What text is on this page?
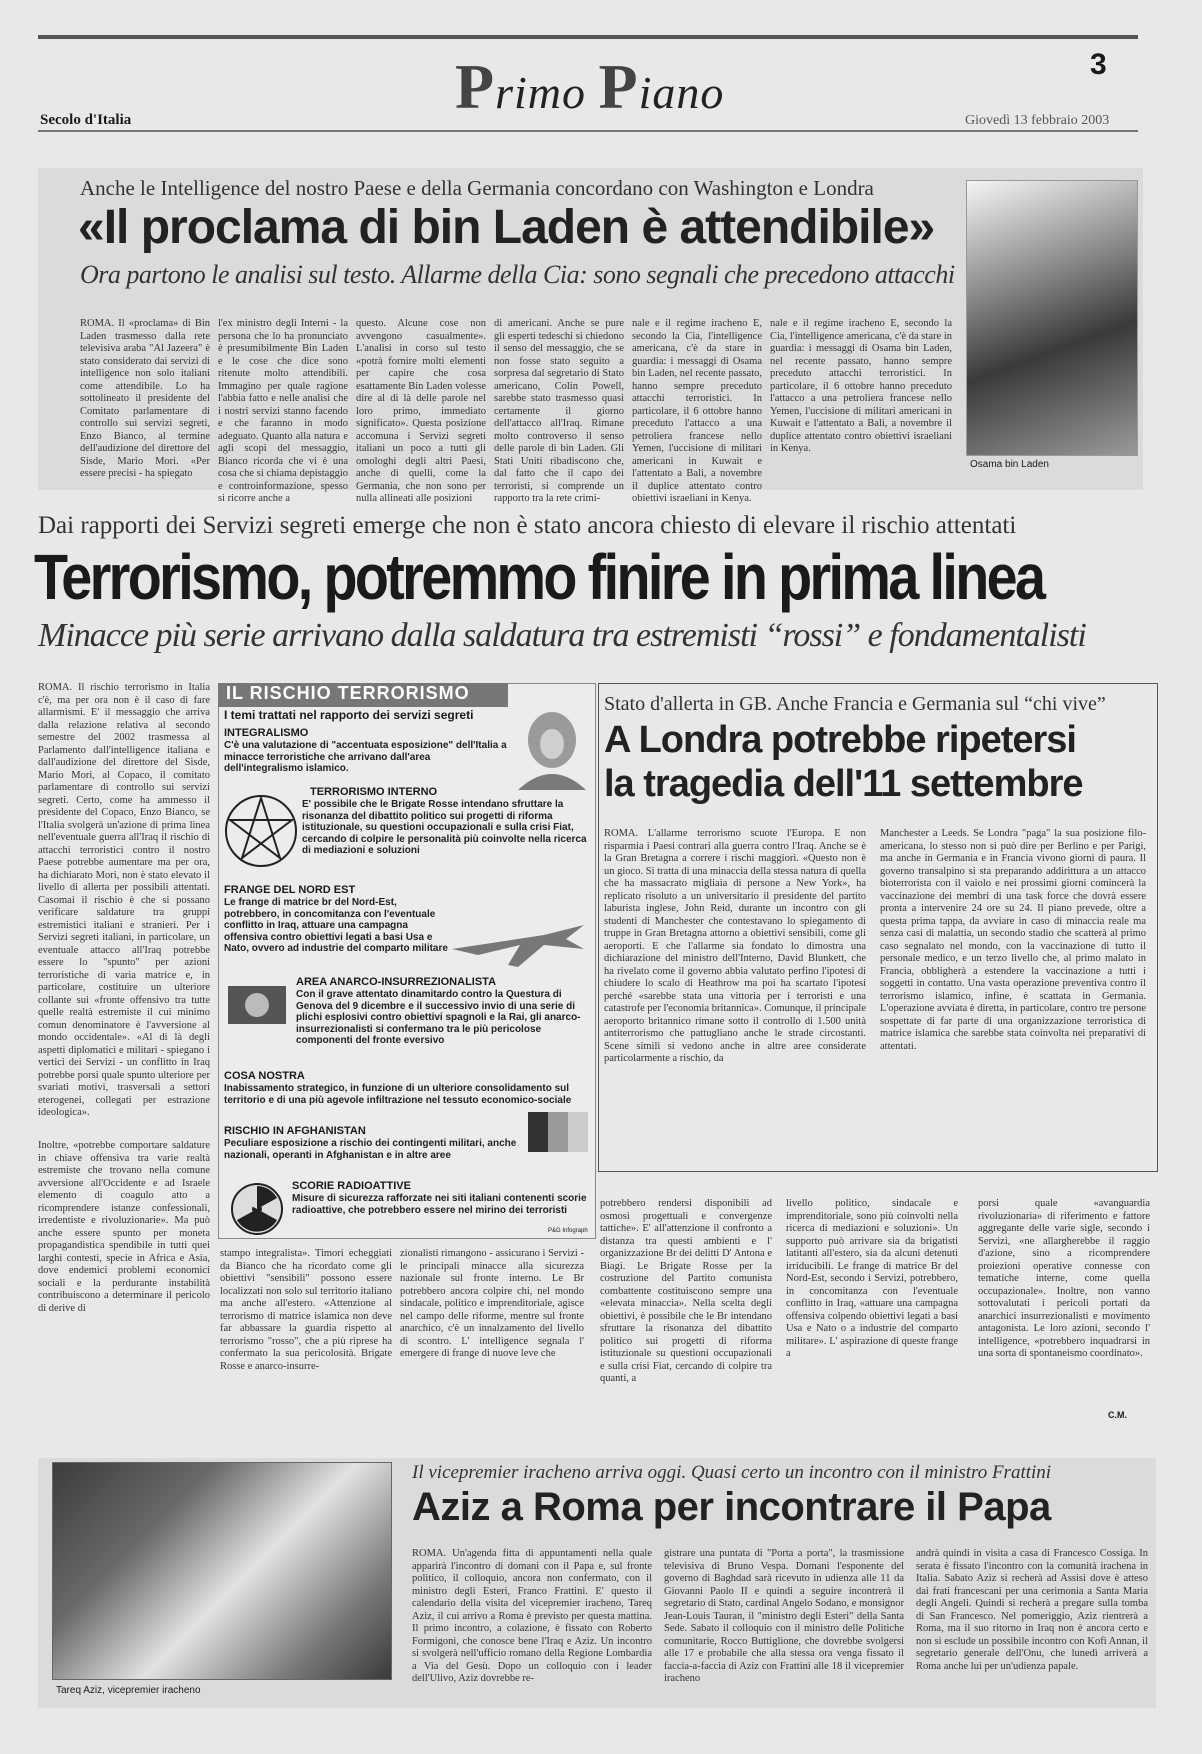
Primo Piano
3
Secolo d'Italia	Giovedì 13 febbraio 2003
Anche le Intelligence del nostro Paese e della Germania concordano con Washington e Londra
«Il proclama di bin Laden è attendibile»
Ora partono le analisi sul testo. Allarme della Cia: sono segnali che precedono attacchi
ROMA. Il «proclama» di Bin Laden trasmesso dalla rete televisiva araba "Al Jazeera" è stato considerato dai servizi di intelligence non solo italiani come attendibile. Lo ha sottolineato il presidente del Comitato parlamentare di controllo sui servizi segreti, Enzo Bianco, al termine dell'audizione del direttore del Sisde, Mario Mori. «Per essere precisi - ha spiegato
l'ex ministro degli Interni - la persona che lo ha pronunciato è presumibilmente Bin Laden e le cose che dice sono ritenute molto attendibili. Immagino per quale ragione l'abbia fatto e nelle analisi che i nostri servizi stanno facendo e che faranno in modo adeguato. Quanto alla natura e agli scopi del messaggio, Bianco ricorda che vi è una cosa che si chiama depistaggio e controinformazione, spesso si ricorre anche a
questo. Alcune cose non avvengono casualmente». L'analisi in corso sul testo «potrà fornire molti elementi per capire che cosa esattamente Bin Laden volesse dire al di là delle parole nel loro primo, immediato significato». Questa posizione accomuna i Servizi segreti italiani un poco a tutti gli omologhi degli altri Paesi, anche di quelli, come la Germania, che non sono per nulla allineati alle posizioni
di americani. Anche se pure gli esperti tedeschi si chiedono il senso del messaggio, che se non fosse stato seguito a sorpresa dal segretario di Stato americano, Colin Powell, sarebbe stato trasmesso quasi certamente il giorno dell'attacco all'Iraq. Rimane molto controverso il senso delle parole di bin Laden. Gli Stati Uniti ribadiscono che, dal fatto che il capo dei terroristi, si comprende un rapporto tra la rete crimi-
nale e il regime iracheno E, secondo la Cia, l'intelligence americana, c'è da stare in guardia: i messaggi di Osama bin Laden, nel recente passato, hanno sempre preceduto attacchi terroristici. In particolare, il 6 ottobre hanno preceduto l'attacco a una petroliera francese nello Yemen, l'uccisione di militari americani in Kuwait e l'attentato a Bali, a novembre il duplice attentato contro obiettivi israeliani in Kenya.
nale e il regime iracheno E, secondo la Cia, l'intelligence americana, c'è da stare in guardia: i messaggi di Osama bin Laden, nel recente passato, hanno sempre preceduto attacchi terroristici. In particolare, il 6 ottobre hanno preceduto l'attacco a una petroliera francese nello Yemen, l'uccisione di militari americani in Kuwait e l'attentato a Bali, a novembre il duplice attentato contro obiettivi israeliani in Kenya.
Osama bin Laden
Dai rapporti dei Servizi segreti emerge che non è stato ancora chiesto di elevare il rischio attentati
Terrorismo, potremmo finire in prima linea
Minacce più serie arrivano dalla saldatura tra estremisti “rossi” e fondamentalisti
ROMA. Il rischio terrorismo in Italia c'è, ma per ora non è il caso di fare allarmismi. E' il messaggio che arriva dalla relazione relativa al secondo semestre del 2002 trasmessa al Parlamento dall'intelligence italiana e dall'audizione del direttore del Sisde, Mario Mori, al Copaco, il comitato parlamentare di controllo sui servizi segreti. Certo, come ha ammesso il presidente del Copaco, Enzo Bianco, se l'Italia svolgerà un'azione di prima linea nell'eventuale guerra all'Iraq il rischio di attacchi terroristici contro il nostro Paese potrebbe aumentare ma per ora, ha dichiarato Mori, non è stato elevato il livello di allerta per possibili attentati. Casomai il rischio è che si possano verificare saldature tra gruppi estremistici italiani e stranieri. Per i Servizi segreti italiani, in particolare, un eventuale attacco all'Iraq potrebbe essere lo "spunto" per azioni terroristiche di varia matrice e, in particolare, costituire un ulteriore collante sui «fronte offensivo tra tutte quelle realtà estremiste il cui minimo comun denominatore è l'avversione al mondo occidentale». «Al di là degli aspetti diplomatici e militari - spiegano i vertici dei Servizi - un conflitto in Iraq potrebbe porsi quale spunto ulteriore per svariati motivi, trasversali a settori eterogenei, collegati per estrazione ideologica».
Inoltre, «potrebbe comportare saldature in chiave offensiva tra varie realtà estremiste che trovano nella comune avversione all'Occidente e ad Israele elemento di coagulo atto a ricomprendere istanze confessionali, irredentiste e rivoluzionarie». Ma può anche essere spunto per moneta propagandistica spendibile in tutti quei larghi contesti, specie in Africa e Asia, dove endemici problemi economici sociali e la perdurante instabilità contribuiscono a determinare il pericolo di derive di
IL RISCHIO TERRORISMO
I temi trattati nel rapporto dei servizi segreti
INTEGRALISMO
C'è una valutazione di "accentuata esposizione" dell'Italia a minacce terroristiche che arrivano dall'area dell'integralismo islamico.
TERRORISMO INTERNO
E' possibile che le Brigate Rosse intendano sfruttare la risonanza del dibattito politico sui progetti di riforma istituzionale, su questioni occupazionali e sulla crisi Fiat, cercando di colpire le personalità più coinvolte nella ricerca di mediazioni e soluzioni
FRANGE DEL NORD EST
Le frange di matrice br del Nord-Est, potrebbero, in concomitanza con l'eventuale conflitto in Iraq, attuare una campagna offensiva contro obiettivi legati a basi Usa e Nato, ovvero ad industrie del comparto militare
AREA ANARCO-INSURREZIONALISTA
Con il grave attentato dinamitardo contro la Questura di Genova del 9 dicembre e il successivo invio di una serie di plichi esplosivi contro obiettivi spagnoli e la Rai, gli anarco-insurrezionalisti si confermano tra le più pericolose componenti del fronte eversivo
COSA NOSTRA
Inabissamento strategico, in funzione di un ulteriore consolidamento sul territorio e di una più agevole infiltrazione nel tessuto economico-sociale
RISCHIO IN AFGHANISTAN
Peculiare esposizione a rischio dei contingenti militari, anche nazionali, operanti in Afghanistan e in altre aree
SCORIE RADIOATTIVE
Misure di sicurezza rafforzate nei siti italiani contenenti scorie radioattive, che potrebbero essere nel mirino dei terroristi
P&G Infograph
Stato d'allerta in GB. Anche Francia e Germania sul “chi vive”
A Londra potrebbe ripetersi
la tragedia dell'11 settembre
ROMA. L'allarme terrorismo scuote l'Europa. E non risparmia i Paesi contrari alla guerra contro l'Iraq. Anche se è la Gran Bretagna a correre i rischi maggiori. «Questo non è un gioco. Si tratta di una minaccia della stessa natura di quella che ha massacrato migliaia di persone a New York», ha replicato risoluto a un universitario il presidente del partito laburista inglese, John Reid, durante un incontro con gli studenti di Manchester che contestavano lo spiegamento di truppe in Gran Bretagna attorno a obiettivi sensibili, come gli aeroporti. E che l'allarme sia fondato lo dimostra una dichiarazione del ministro dell'Interno, David Blunkett, che ha rivelato come il governo abbia valutato perfino l'ipotesi di chiudere lo scalo di Heathrow ma poi ha scartato l'ipotesi perché «sarebbe stata una vittoria per i terroristi e una catastrofe per l'economia britannica». Comunque, il principale aeroporto britannico rimane sotto il controllo di 1.500 unità antiterrorismo che pattugliano anche le strade circostanti. Scene simili si vedono anche in altre aree considerate particolarmente a rischio, da
Manchester a Leeds. Se Londra "paga" la sua posizione filo-americana, lo stesso non si può dire per Berlino e per Parigi, ma anche in Germania e in Francia vivono giorni di paura. Il governo transalpino si sta preparando addirittura a un attacco bioterrorista con il vaiolo e nei prossimi giorni comincerà la vaccinazione dei membri di una task force che dovrà essere pronta a intervenire 24 ore su 24. Il piano prevede, oltre a questa prima tappa, da avviare in caso di minaccia reale ma senza casi di malattia, un secondo stadio che scatterà al primo caso segnalato nel mondo, con la vaccinazione di tutto il personale medico, e un terzo livello che, al primo malato in Francia, obbligherà a estendere la vaccinazione a tutti i soggetti in contatto. Una vasta operazione preventiva contro il terrorismo islamico, infine, è scattata in Germania. L'operazione avviata è diretta, in particolare, contro tre persone sospettate di far parte di una organizzazione terroristica di matrice islamica che sarebbe stata coinvolta nei preparativi di attentati.
stampo integralista». Timori echeggiati da Bianco che ha ricordato come gli obiettivi "sensibili" possono essere localizzati non solo sul territorio italiano ma anche all'estero. «Attenzione al terrorismo di matrice islamica non deve far abbassare la guardia rispetto al terrorismo "rosso", che a più riprese ha confermato la sua pericolosità. Brigate Rosse e anarco-insurre-
zionalisti rimangono - assicurano i Servizi - le principali minacce alla sicurezza nazionale sul fronte interno. Le Br potrebbero ancora colpire chi, nel mondo sindacale, politico e imprenditoriale, agisce nel campo delle riforme, mentre sul fronte anarchico, c'è un innalzamento del livello di scontro. L' intelligence segnala l' emergere di frange di nuove leve che
potrebbero rendersi disponibili ad osmosi progettuali e convergenze tattiche». E' all'attenzione il confronto a distanza tra questi ambienti e l' organizzazione Br dei delitti D' Antona e Biagi. Le Brigate Rosse per la costruzione del Partito comunista combattente costituiscono sempre una «elevata minaccia». Nella scelta degli obiettivi, è possibile che le Br intendano sfruttare la risonanza del dibattito politico sui progetti di riforma istituzionale su questioni occupazionali e sulla crisi Fiat, cercando di colpire tra quanti, a
livello politico, sindacale e imprenditoriale, sono più coinvolti nella ricerca di mediazioni e soluzioni». Un supporto può arrivare sia da brigatisti latitanti all'estero, sia da alcuni detenuti irriducibili. Le frange di matrice Br del Nord-Est, secondo i Servizi, potrebbero, in concomitanza con l'eventuale conflitto in Iraq, «attuare una campagna offensiva colpendo obiettivi legati a basi Usa e Nato o a industrie del comparto militare». L' aspirazione di queste frange a
porsi quale «avanguardia rivoluzionaria» di riferimento e fattore aggregante delle varie sigle, secondo i Servizi, «ne allargherebbe il raggio d'azione, sino a ricomprendere proiezioni operative connesse con tematiche interne, come quella occupazionale». Inoltre, non vanno sottovalutati i pericoli portati da anarchici insurrezionalisti e movimento antagonista. Le loro azioni, secondo l' intelligence, «potrebbero inquadrarsi in una sorta di spontaneismo coordinato».
C.M.
Tareq Aziz, vicepremier iracheno
Il vicepremier iracheno arriva oggi. Quasi certo un incontro con il ministro Frattini
Aziz a Roma per incontrare il Papa
ROMA. Un'agenda fitta di appuntamenti nella quale apparirà l'incontro di domani con il Papa e, sul fronte politico, il colloquio, ancora non confermato, con il ministro degli Esteri, Franco Frattini. E' questo il calendario della visita del vicepremier iracheno, Tareq Aziz, il cui arrivo a Roma è previsto per questa mattina. Il primo incontro, a colazione, è fissato con Roberto Formigoni, che conosce bene l'Iraq e Aziz. Un incontro si svolgerà nell'ufficio romano della Regione Lombardia a Via del Gesù. Dopo un colloquio con i leader dell'Ulivo, Aziz dovrebbe re-
gistrare una puntata di "Porta a porta", la trasmissione televisiva di Bruno Vespa. Domani l'esponente del governo di Baghdad sarà ricevuto in udienza alle 11 da Giovanni Paolo II e quindi a seguire incontrerà il segretario di Stato, cardinal Angelo Sodano, e monsignor Jean-Louis Tauran, il "ministro degli Esteri" della Santa Sede. Sabato il colloquio con il ministro delle Politiche comunitarie, Rocco Buttiglione, che dovrebbe svolgersi alle 17 e probabile che alla stessa ora venga fissato il faccia-a-faccia di Aziz con Frattini alle 18 il vicepremier iracheno
andrà quindi in visita a casa di Francesco Cossiga. In serata è fissato l'incontro con la comunità irachena in Italia. Sabato Aziz si recherà ad Assisi dove è atteso dai frati francescani per una cerimonia a Santa Maria degli Angeli. Quindi si recherà a pregare sulla tomba di San Francesco. Nel pomeriggio, Aziz rientrerà a Roma, ma il suo ritorno in Iraq non è ancora certo e non si esclude un possibile incontro con Kofi Annan, il segretario generale dell'Onu, che lunedì arriverà a Roma anche lui per un'udienza papale.
